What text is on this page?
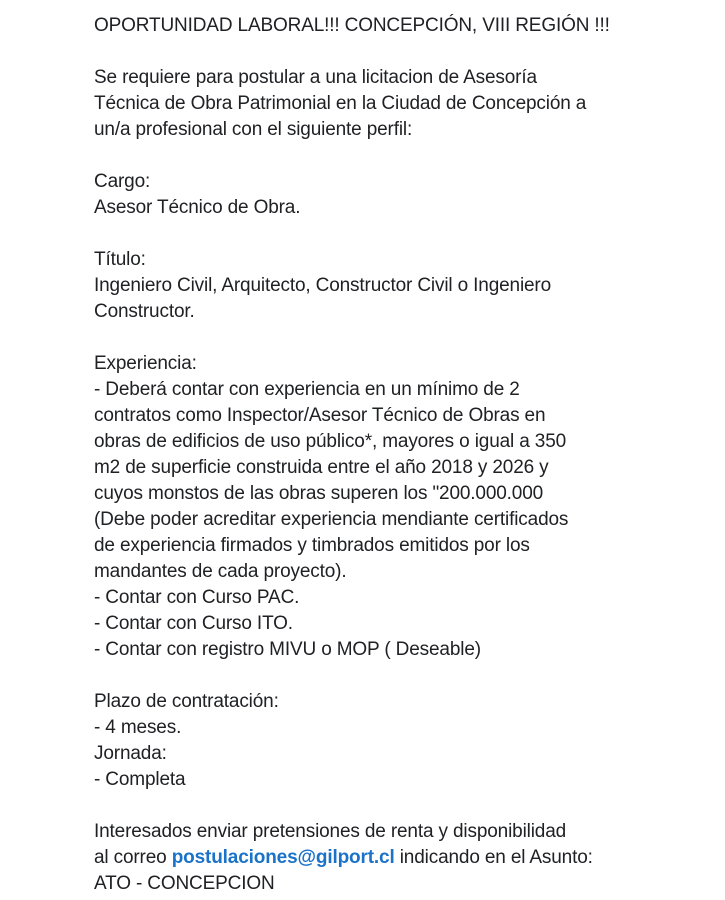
OPORTUNIDAD LABORAL!!! CONCEPCIÓN, VIII REGIÓN !!!
Se requiere para postular a una licitacion de Asesoría
Técnica de Obra Patrimonial en la Ciudad de Concepción a
un/a profesional con el siguiente perfil:
Cargo:
Asesor Técnico de Obra.
Título:
Ingeniero Civil, Arquitecto, Constructor Civil o Ingeniero
Constructor.
Experiencia:
- Deberá contar con experiencia en un mínimo de 2
contratos como Inspector/Asesor Técnico de Obras en
obras de edificios de uso público*, mayores o igual a 350
m2 de superficie construida entre el año 2018 y 2026 y
cuyos monstos de las obras superen los "200.000.000
(Debe poder acreditar experiencia mendiante certificados
de experiencia firmados y timbrados emitidos por los
mandantes de cada proyecto).
- Contar con Curso PAC.
- Contar con Curso ITO.
- Contar con registro MIVU o MOP ( Deseable)
Plazo de contratación:
- 4 meses.
Jornada:
- Completa
Interesados enviar pretensiones de renta y disponibilidad
al correo postulaciones@gilport.cl indicando en el Asunto:
ATO - CONCEPCION
